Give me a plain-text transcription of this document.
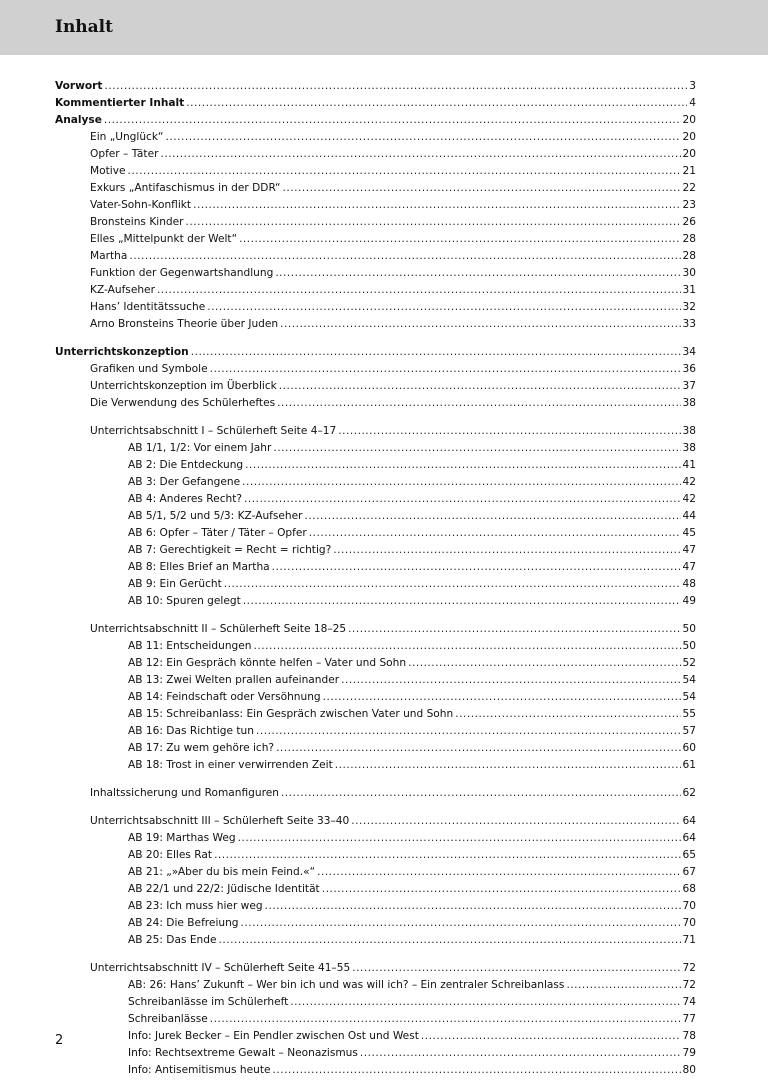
Inhalt
Vorwort .....	3
Kommentierter Inhalt .....	4
Analyse .....	20
Ein „Unglück“ .....	20
Opfer – Täter .....	20
Motive .....	21
Exkurs „Antifaschismus in der DDR“ .....	22
Vater-Sohn-Konflikt .....	23
Bronsteins Kinder .....	26
Elles „Mittelpunkt der Welt“ .....	28
Martha .....	28
Funktion der Gegenwartshandlung .....	30
KZ-Aufseher .....	31
Hans’ Identitätssuche .....	32
Arno Bronsteins Theorie über Juden .....	33
Unterrichtskonzeption .....	34
Grafiken und Symbole .....	36
Unterrichtskonzeption im Überblick .....	37
Die Verwendung des Schülerheftes .....	38
Unterrichtsabschnitt I – Schülerheft Seite 4–17 .....	38
AB 1/1, 1/2: Vor einem Jahr .....	38
AB 2: Die Entdeckung .....	41
AB 3: Der Gefangene .....	42
AB 4: Anderes Recht? .....	42
AB 5/1, 5/2 und 5/3: KZ-Aufseher .....	44
AB 6: Opfer – Täter / Täter – Opfer .....	45
AB 7: Gerechtigkeit = Recht = richtig? .....	47
AB 8: Elles Brief an Martha .....	47
AB 9: Ein Gerücht .....	48
AB 10: Spuren gelegt .....	49
Unterrichtsabschnitt II – Schülerheft Seite 18–25 .....	50
AB 11: Entscheidungen .....	50
AB 12: Ein Gespräch könnte helfen – Vater und Sohn .....	52
AB 13: Zwei Welten prallen aufeinander .....	54
AB 14: Feindschaft oder Versöhnung .....	54
AB 15: Schreibanlass: Ein Gespräch zwischen Vater und Sohn .....	55
AB 16: Das Richtige tun .....	57
AB 17: Zu wem gehöre ich? .....	60
AB 18: Trost in einer verwirrenden Zeit .....	61
Inhaltssicherung und Romanfiguren .....	62
Unterrichtsabschnitt III – Schülerheft Seite 33–40 .....	64
AB 19: Marthas Weg .....	64
AB 20: Elles Rat .....	65
AB 21: „»Aber du bis mein Feind.«“ .....	67
AB 22/1 und 22/2: Jüdische Identität .....	68
AB 23: Ich muss hier weg .....	70
AB 24: Die Befreiung .....	70
AB 25: Das Ende .....	71
Unterrichtsabschnitt IV – Schülerheft Seite 41–55 .....	72
AB: 26: Hans’ Zukunft – Wer bin ich und was will ich? – Ein zentraler Schreibanlass .....	72
Schreibanlässe im Schülerheft .....	74
Schreibanlässe .....	77
Info: Jurek Becker – Ein Pendler zwischen Ost und West .....	78
Info: Rechtsextreme Gewalt – Neonazismus .....	79
Info: Antisemitismus heute .....	80
2
